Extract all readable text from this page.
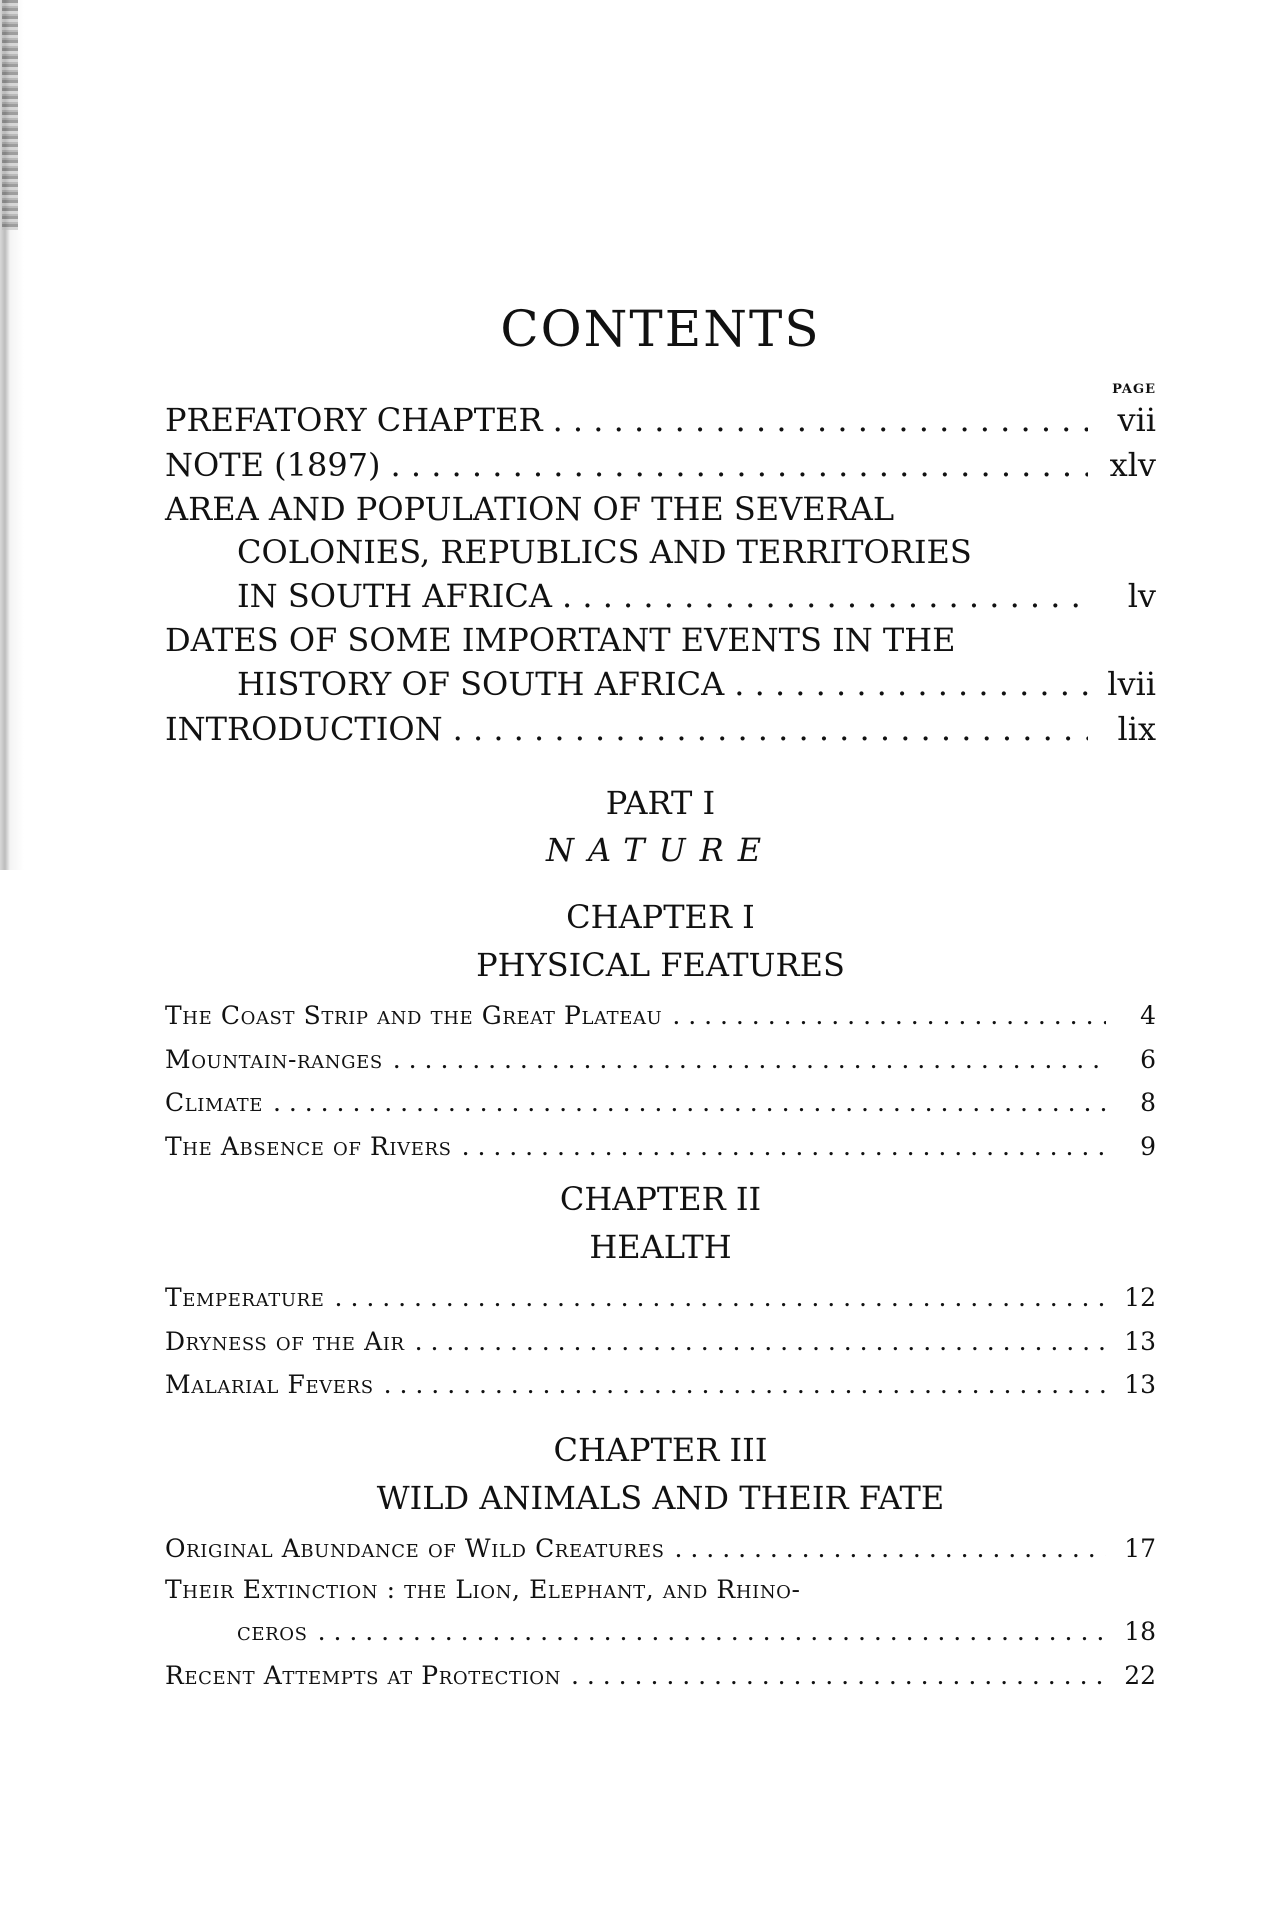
CONTENTS
PAGE
PREFATORY CHAPTER . . .	vii
NOTE (1897) . . .	xlv
AREA AND POPULATION OF THE SEVERAL
COLONIES, REPUBLICS AND TERRITORIES
IN SOUTH AFRICA . . .	lv
DATES OF SOME IMPORTANT EVENTS IN THE
HISTORY OF SOUTH AFRICA . . .	lvii
INTRODUCTION . . .	lix
PART I
NATURE
CHAPTER I
PHYSICAL FEATURES
The Coast Strip and the Great Plateau . . .	4
Mountain-ranges . . .	6
Climate . . .	8
The Absence of Rivers . . .	9
CHAPTER II
HEALTH
Temperature . . .	12
Dryness of the Air . . .	13
Malarial Fevers . . .	13
CHAPTER III
WILD ANIMALS AND THEIR FATE
Original Abundance of Wild Creatures . . .	17
Their Extinction : the Lion, Elephant, and Rhino-
ceros . . .	18
Recent Attempts at Protection . . .	22
